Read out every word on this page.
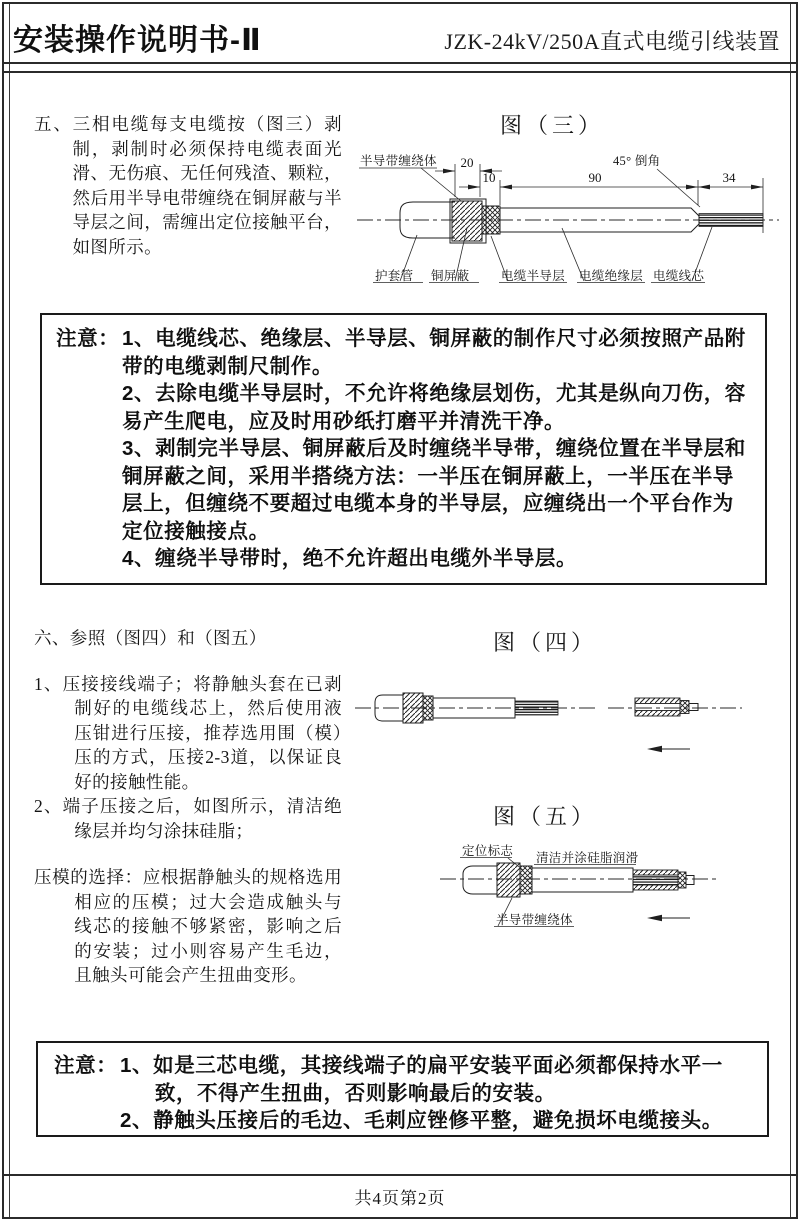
安装操作说明书-Ⅱ	JZK-24kV/250A直式电缆引线装置

五、三相电缆每支电缆按（图三）剥制，剥制时必须保持电缆表面光滑、无伤痕、无任何残渣、颗粒，然后用半导电带缠绕在铜屏蔽与半导层之间，需缠出定位接触平台，如图所示。

图（三）
半导带缠绕体	45° 倒角
20
10	90	34
护套管 铜屏蔽	电缆半导层 电缆绝缘层 电缆线芯
注意： 1、电缆线芯、绝缘层、半导层、铜屏蔽的制作尺寸必须按照产品附带的电缆剥制尺制作。

2、去除电缆半导层时，不允许将绝缘层划伤，尤其是纵向刀伤，容易产生爬电，应及时用砂纸打磨平并清洗干净。

3、剥制完半导层、铜屏蔽后及时缠绕半导带，缠绕位置在半导层和铜屏蔽之间，采用半搭绕方法：一半压在铜屏蔽上，一半压在半导层上，但缠绕不要超过电缆本身的半导层，应缠绕出一个平台作为定位接触接点。

4、缠绕半导带时，绝不允许超出电缆外半导层。

六、参照（图四）和（图五）

1、压接接线端子；将静触头套在已剥制好的电缆线芯上，然后使用液压钳进行压接，推荐选用围（模）压的方式，压接2-3道，以保证良好的接触性能。

2、端子压接之后，如图所示，清洁绝缘层并均匀涂抹硅脂；

压模的选择：应根据静触头的规格选用相应的压模；过大会造成触头与线芯的接触不够紧密，影响之后的安装；过小则容易产生毛边，且触头可能会产生扭曲变形。

图（四）
图（五）
定位标志 清洁并涂硅脂润滑
半导带缠绕体
注意： 1、如是三芯电缆，其接线端子的扁平安装平面必须都保持水平一致，不得产生扭曲，否则影响最后的安装。

2、静触头压接后的毛边、毛刺应锉修平整，避免损坏电缆接头。

共4页第2页
